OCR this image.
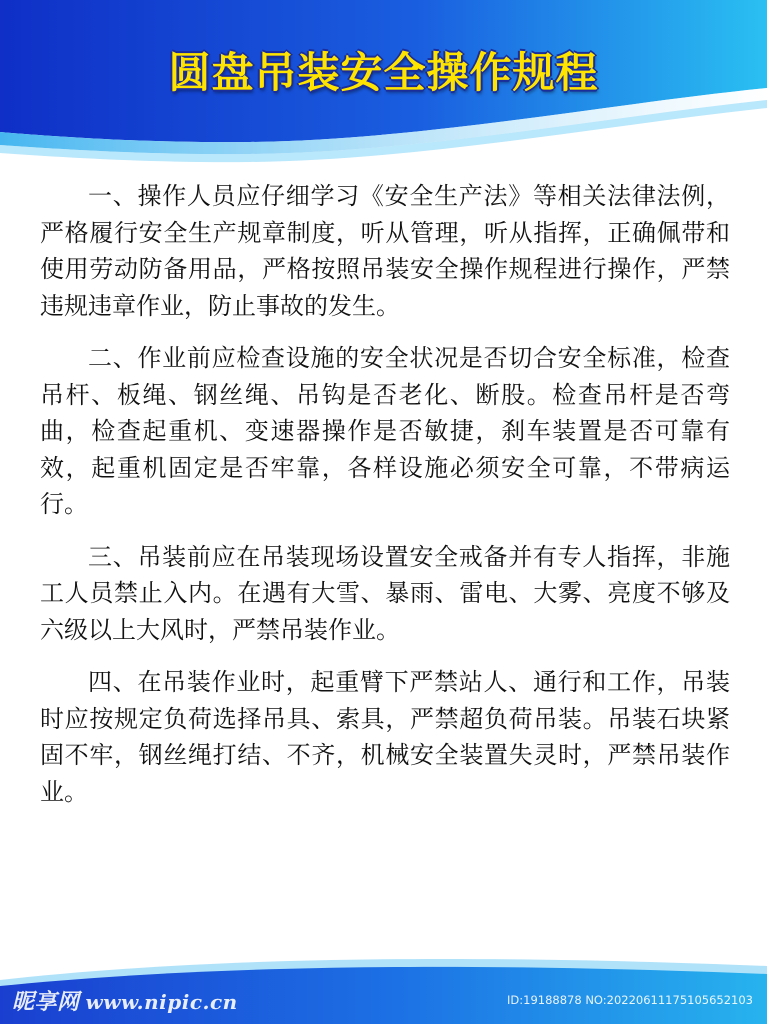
圆盘吊装安全操作规程

一、操作人员应仔细学习《安全生产法》等相关法律法例，严格履行安全生产规章制度，听从管理，听从指挥，正确佩带和使用劳动防备用品，严格按照吊装安全操作规程进行操作，严禁违规违章作业，防止事故的发生。

二、作业前应检查设施的安全状况是否切合安全标准，检查吊杆、板绳、钢丝绳、吊钩是否老化、断股。检查吊杆是否弯曲，检查起重机、变速器操作是否敏捷，刹车装置是否可靠有效，起重机固定是否牢靠，各样设施必须安全可靠，不带病运行。

三、吊装前应在吊装现场设置安全戒备并有专人指挥，非施工人员禁止入内。在遇有大雪、暴雨、雷电、大雾、亮度不够及六级以上大风时，严禁吊装作业。

四、在吊装作业时，起重臂下严禁站人、通行和工作，吊装时应按规定负荷选择吊具、索具，严禁超负荷吊装。吊装石块紧固不牢，钢丝绳打结、不齐，机械安全装置失灵时，严禁吊装作业。

昵享网 www.nipic.cn	ID:19188878 NO:20220611175105652103
